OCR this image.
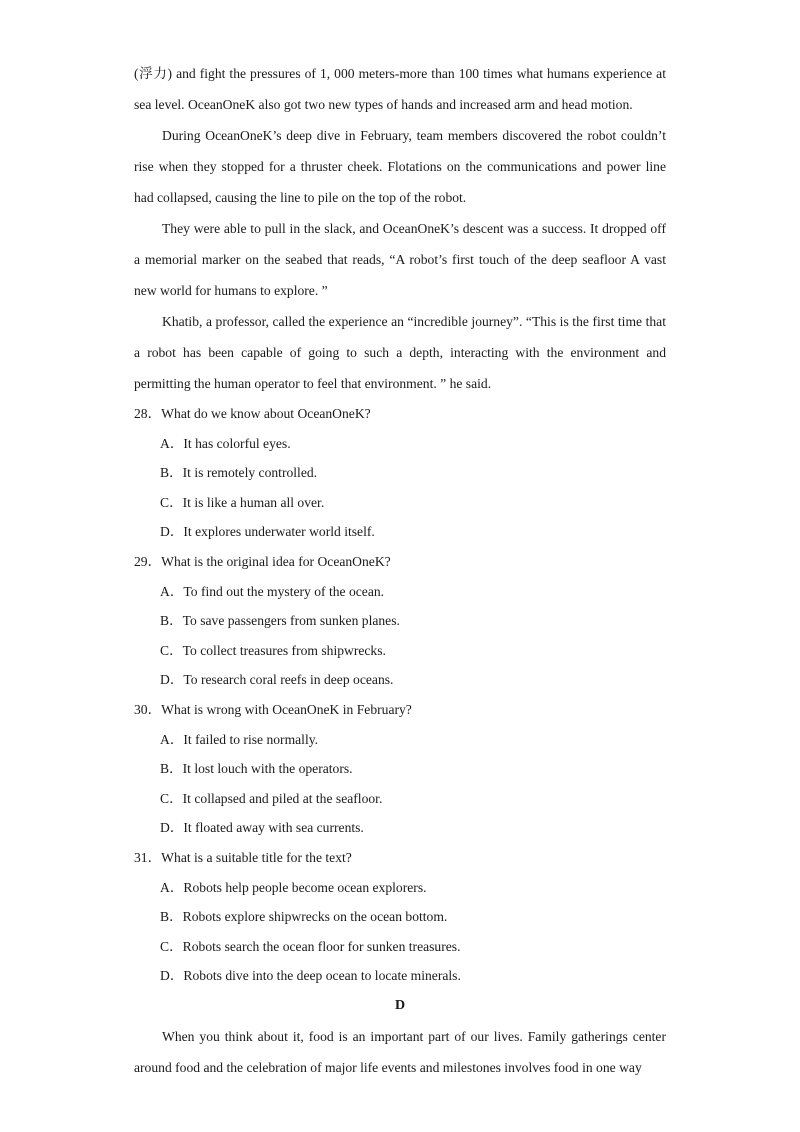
(浮力) and fight the pressures of 1, 000 meters-more than 100 times what humans experience at sea level. OceanOneK also got two new types of hands and increased arm and head motion.

During OceanOneK’s deep dive in February, team members discovered the robot couldn’t rise when they stopped for a thruster cheek. Flotations on the communications and power line had collapsed, causing the line to pile on the top of the robot.

They were able to pull in the slack, and OceanOneK’s descent was a success. It dropped off a memorial marker on the seabed that reads, “A robot’s first touch of the deep seafloor A vast new world for humans to explore. ”

Khatib, a professor, called the experience an “incredible journey”. “This is the first time that a robot has been capable of going to such a depth, interacting with the environment and permitting the human operator to feel that environment. ” he said.

28．What do we know about OceanOneK?

A．It has colorful eyes.

B．It is remotely controlled.

C．It is like a human all over.

D．It explores underwater world itself.

29．What is the original idea for OceanOneK?

A．To find out the mystery of the ocean.

B．To save passengers from sunken planes.

C．To collect treasures from shipwrecks.

D．To research coral reefs in deep oceans.

30．What is wrong with OceanOneK in February?

A．It failed to rise normally.

B．It lost louch with the operators.

C．It collapsed and piled at the seafloor.

D．It floated away with sea currents.

31．What is a suitable title for the text?

A．Robots help people become ocean explorers.

B．Robots explore shipwrecks on the ocean bottom.

C．Robots search the ocean floor for sunken treasures.

D．Robots dive into the deep ocean to locate minerals.

D

When you think about it, food is an important part of our lives. Family gatherings center around food and the celebration of major life events and milestones involves food in one way
